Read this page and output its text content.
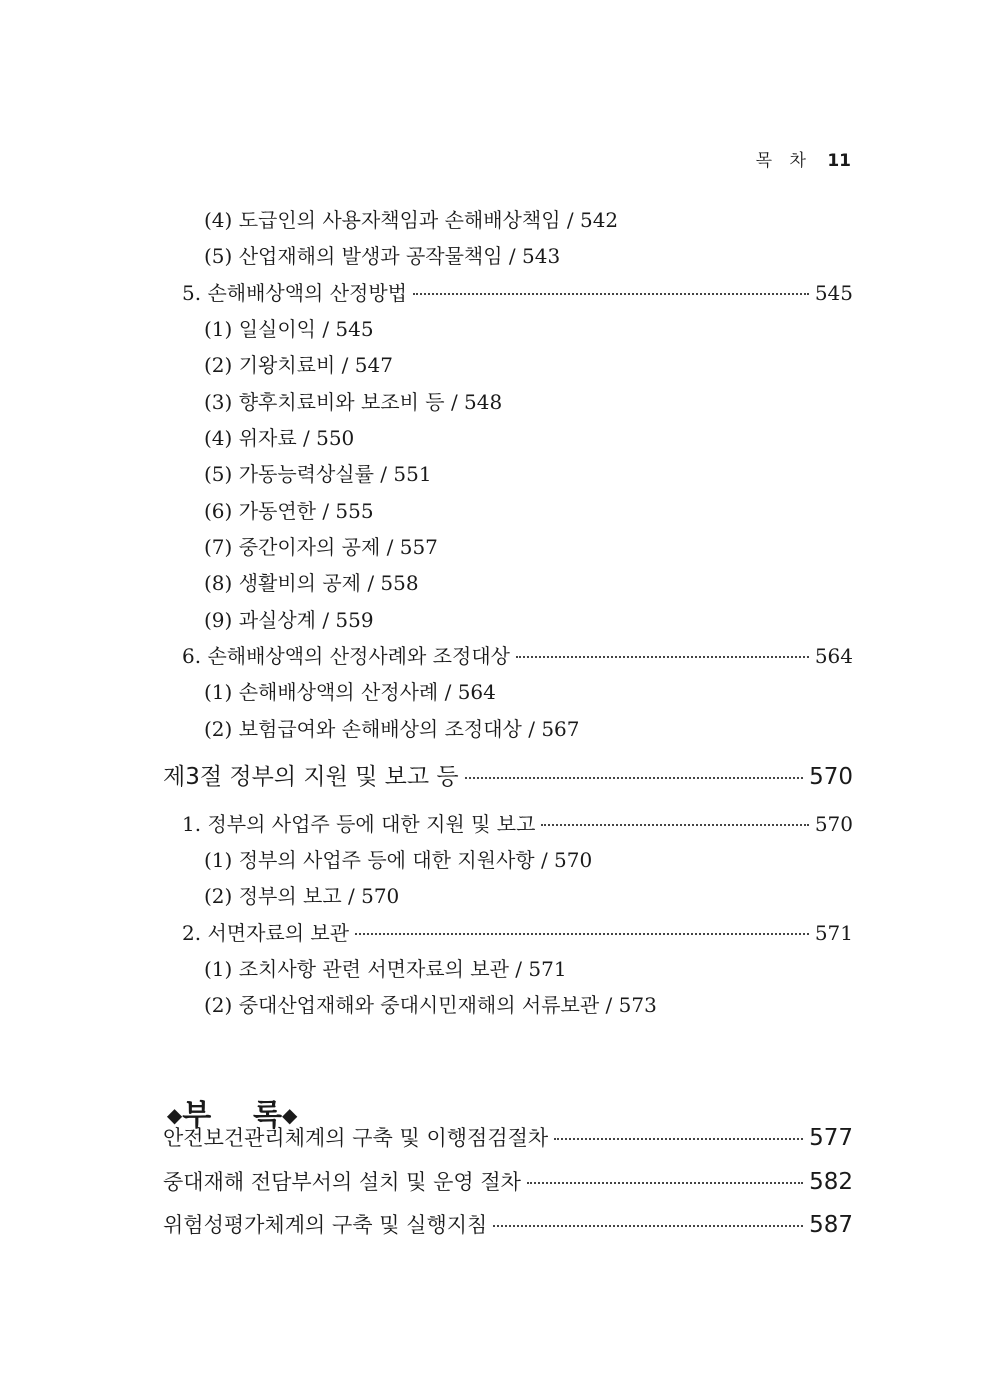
목 차 11
(4) 도급인의 사용자책임과 손해배상책임 / 542
(5) 산업재해의 발생과 공작물책임 / 543
5. 손해배상액의 산정방법	545
(1) 일실이익 / 545
(2) 기왕치료비 / 547
(3) 향후치료비와 보조비 등 / 548
(4) 위자료 / 550
(5) 가동능력상실률 / 551
(6) 가동연한 / 555
(7) 중간이자의 공제 / 557
(8) 생활비의 공제 / 558
(9) 과실상계 / 559
6. 손해배상액의 산정사례와 조정대상	564
(1) 손해배상액의 산정사례 / 564
(2) 보험급여와 손해배상의 조정대상 / 567
제3절 정부의 지원 및 보고 등	570
1. 정부의 사업주 등에 대한 지원 및 보고	570
(1) 정부의 사업주 등에 대한 지원사항 / 570
(2) 정부의 보고 / 570
2. 서면자료의 보관	571
(1) 조치사항 관련 서면자료의 보관 / 571
(2) 중대산업재해와 중대시민재해의 서류보관 / 573

◆부    록◆

안전보건관리체계의 구축 및 이행점검절차	577
중대재해 전담부서의 설치 및 운영 절차	582
위험성평가체계의 구축 및 실행지침	587
